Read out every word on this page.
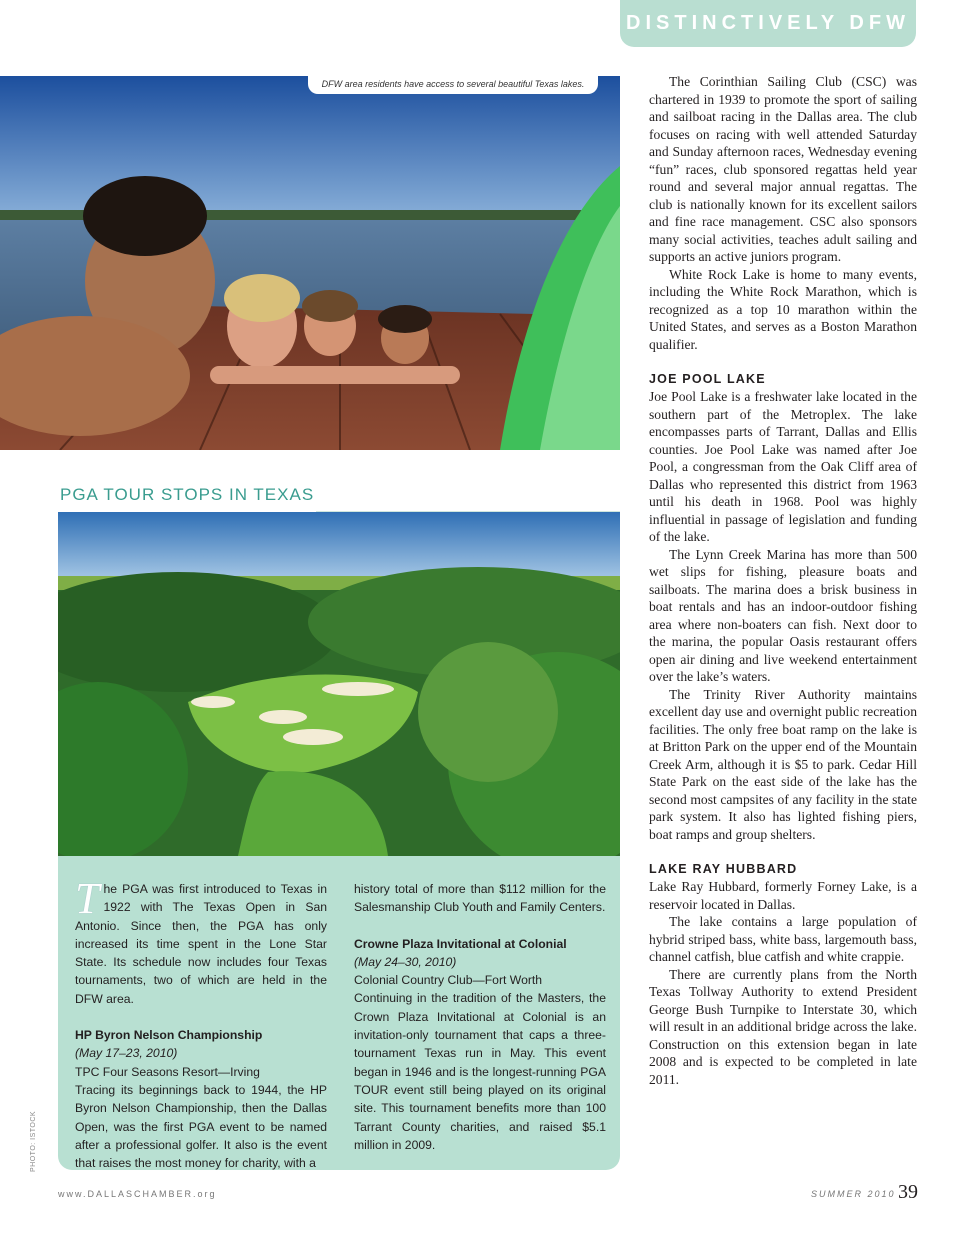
DISTINCTIVELY DFW
DFW area residents have access to several beautiful Texas lakes.
PGA TOUR STOPS IN TEXAS

The PGA was first introduced to Texas in 1922 with The Texas Open in San Antonio. Since then, the PGA has only increased its time spent in the Lone Star State. Its schedule now includes four Texas tournaments, two of which are held in the DFW area.

HP Byron Nelson Championship

(May 17–23, 2010)

TPC Four Seasons Resort—Irving

Tracing its beginnings back to 1944, the HP Byron Nelson Championship, then the Dallas Open, was the first PGA event to be named after a professional golfer. It also is the event that raises the most money for charity, with a

history total of more than $112 million for the Salesmanship Club Youth and Family Centers.

Crowne Plaza Invitational at Colonial

(May 24–30, 2010)

Colonial Country Club—Fort Worth

Continuing in the tradition of the Masters, the Crown Plaza Invitational at Colonial is an invitation-only tournament that caps a three-tournament Texas run in May. This event began in 1946 and is the longest-running PGA TOUR event still being played on its original site. This tournament benefits more than 100 Tarrant County charities, and raised $5.1 million in 2009.

The Corinthian Sailing Club (CSC) was chartered in 1939 to promote the sport of sailing and sailboat racing in the Dallas area. The club focuses on racing with well attended Saturday and Sunday afternoon races, Wednesday evening “fun” races, club sponsored regattas held year round and several major annual regattas. The club is nationally known for its excellent sailors and fine race management. CSC also sponsors many social activities, teaches adult sailing and supports an active juniors program.

White Rock Lake is home to many events, including the White Rock Marathon, which is recognized as a top 10 marathon within the United States, and serves as a Boston Marathon qualifier.

JOE POOL LAKE

Joe Pool Lake is a freshwater lake located in the southern part of the Metroplex. The lake encompasses parts of Tarrant, Dallas and Ellis counties. Joe Pool Lake was named after Joe Pool, a congressman from the Oak Cliff area of Dallas who represented this district from 1963 until his death in 1968. Pool was highly influential in passage of legislation and funding of the lake.

The Lynn Creek Marina has more than 500 wet slips for fishing, pleasure boats and sailboats. The marina does a brisk business in boat rentals and has an indoor-outdoor fishing area where non-boaters can fish. Next door to the marina, the popular Oasis restaurant offers open air dining and live weekend entertainment over the lake’s waters.

The Trinity River Authority maintains excellent day use and overnight public recreation facilities. The only free boat ramp on the lake is at Britton Park on the upper end of the Mountain Creek Arm, although it is $5 to park. Cedar Hill State Park on the east side of the lake has the second most campsites of any facility in the state park system. It also has lighted fishing piers, boat ramps and group shelters.

LAKE RAY HUBBARD

Lake Ray Hubbard, formerly Forney Lake, is a reservoir located in Dallas.

The lake contains a large population of hybrid striped bass, white bass, largemouth bass, channel catfish, blue catfish and white crappie.

There are currently plans from the North Texas Tollway Authority to extend President George Bush Turnpike to Interstate 30, which will result in an additional bridge across the lake. Construction on this extension began in late 2008 and is expected to be completed in late 2011.

PHOTO: ISTOCK
www.DALLASCHAMBER.org	SUMMER 2010 39
